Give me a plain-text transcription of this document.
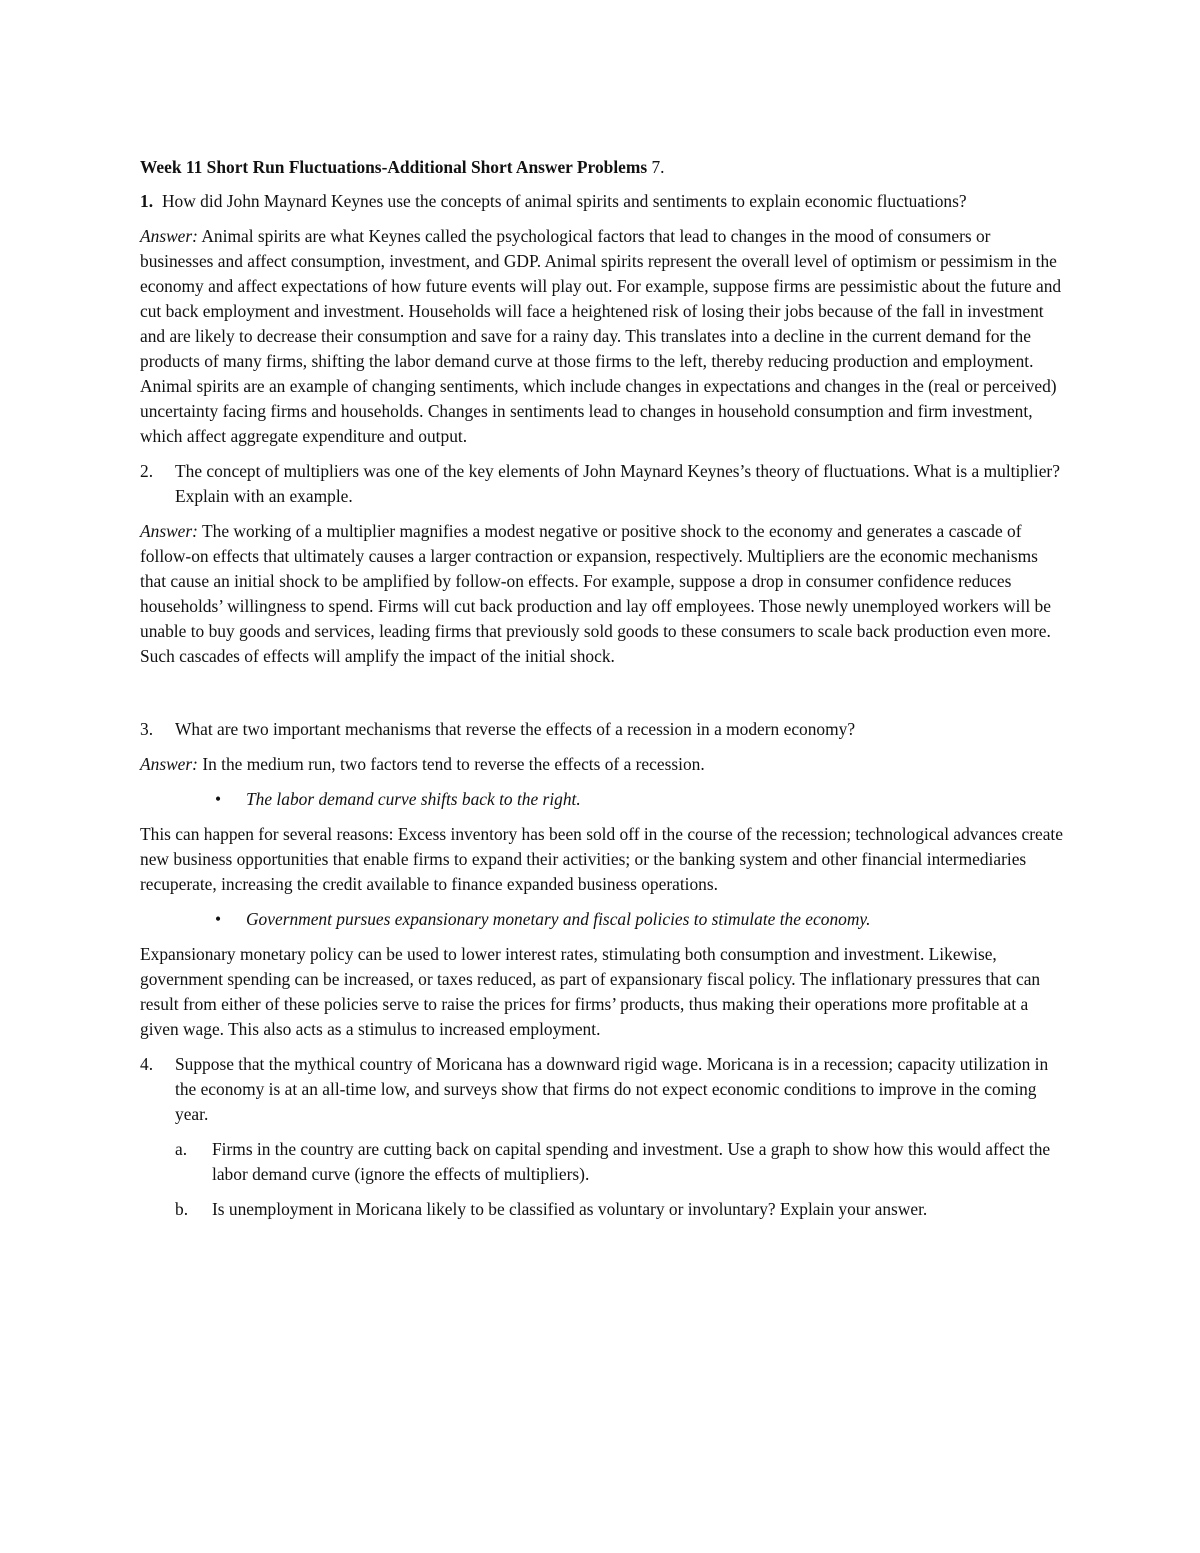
Week 11 Short Run Fluctuations-Additional Short Answer Problems 7.

1. How did John Maynard Keynes use the concepts of animal spirits and sentiments to explain economic fluctuations?

Answer: Animal spirits are what Keynes called the psychological factors that lead to changes in the mood of consumers or businesses and affect consumption, investment, and GDP. Animal spirits represent the overall level of optimism or pessimism in the economy and affect expectations of how future events will play out. For example, suppose firms are pessimistic about the future and cut back employment and investment. Households will face a heightened risk of losing their jobs because of the fall in investment and are likely to decrease their consumption and save for a rainy day. This translates into a decline in the current demand for the products of many firms, shifting the labor demand curve at those firms to the left, thereby reducing production and employment. Animal spirits are an example of changing sentiments, which include changes in expectations and changes in the (real or perceived) uncertainty facing firms and households. Changes in sentiments lead to changes in household consumption and firm investment, which affect aggregate expenditure and output.

2. The concept of multipliers was one of the key elements of John Maynard Keynes’s theory of fluctuations. What is a multiplier? Explain with an example.

Answer: The working of a multiplier magnifies a modest negative or positive shock to the economy and generates a cascade of follow-on effects that ultimately causes a larger contraction or expansion, respectively. Multipliers are the economic mechanisms that cause an initial shock to be amplified by follow-on effects. For example, suppose a drop in consumer confidence reduces households’ willingness to spend. Firms will cut back production and lay off employees. Those newly unemployed workers will be unable to buy goods and services, leading firms that previously sold goods to these consumers to scale back production even more. Such cascades of effects will amplify the impact of the initial shock.

3. What are two important mechanisms that reverse the effects of a recession in a modern economy?

Answer: In the medium run, two factors tend to reverse the effects of a recession.

• The labor demand curve shifts back to the right.

This can happen for several reasons: Excess inventory has been sold off in the course of the recession; technological advances create new business opportunities that enable firms to expand their activities; or the banking system and other financial intermediaries recuperate, increasing the credit available to finance expanded business operations.

• Government pursues expansionary monetary and fiscal policies to stimulate the economy.

Expansionary monetary policy can be used to lower interest rates, stimulating both consumption and investment. Likewise, government spending can be increased, or taxes reduced, as part of expansionary fiscal policy. The inflationary pressures that can result from either of these policies serve to raise the prices for firms’ products, thus making their operations more profitable at a given wage. This also acts as a stimulus to increased employment.

4. Suppose that the mythical country of Moricana has a downward rigid wage. Moricana is in a recession; capacity utilization in the economy is at an all-time low, and surveys show that firms do not expect economic conditions to improve in the coming year.

a. Firms in the country are cutting back on capital spending and investment. Use a graph to show how this would affect the labor demand curve (ignore the effects of multipliers).

b. Is unemployment in Moricana likely to be classified as voluntary or involuntary? Explain your answer.
